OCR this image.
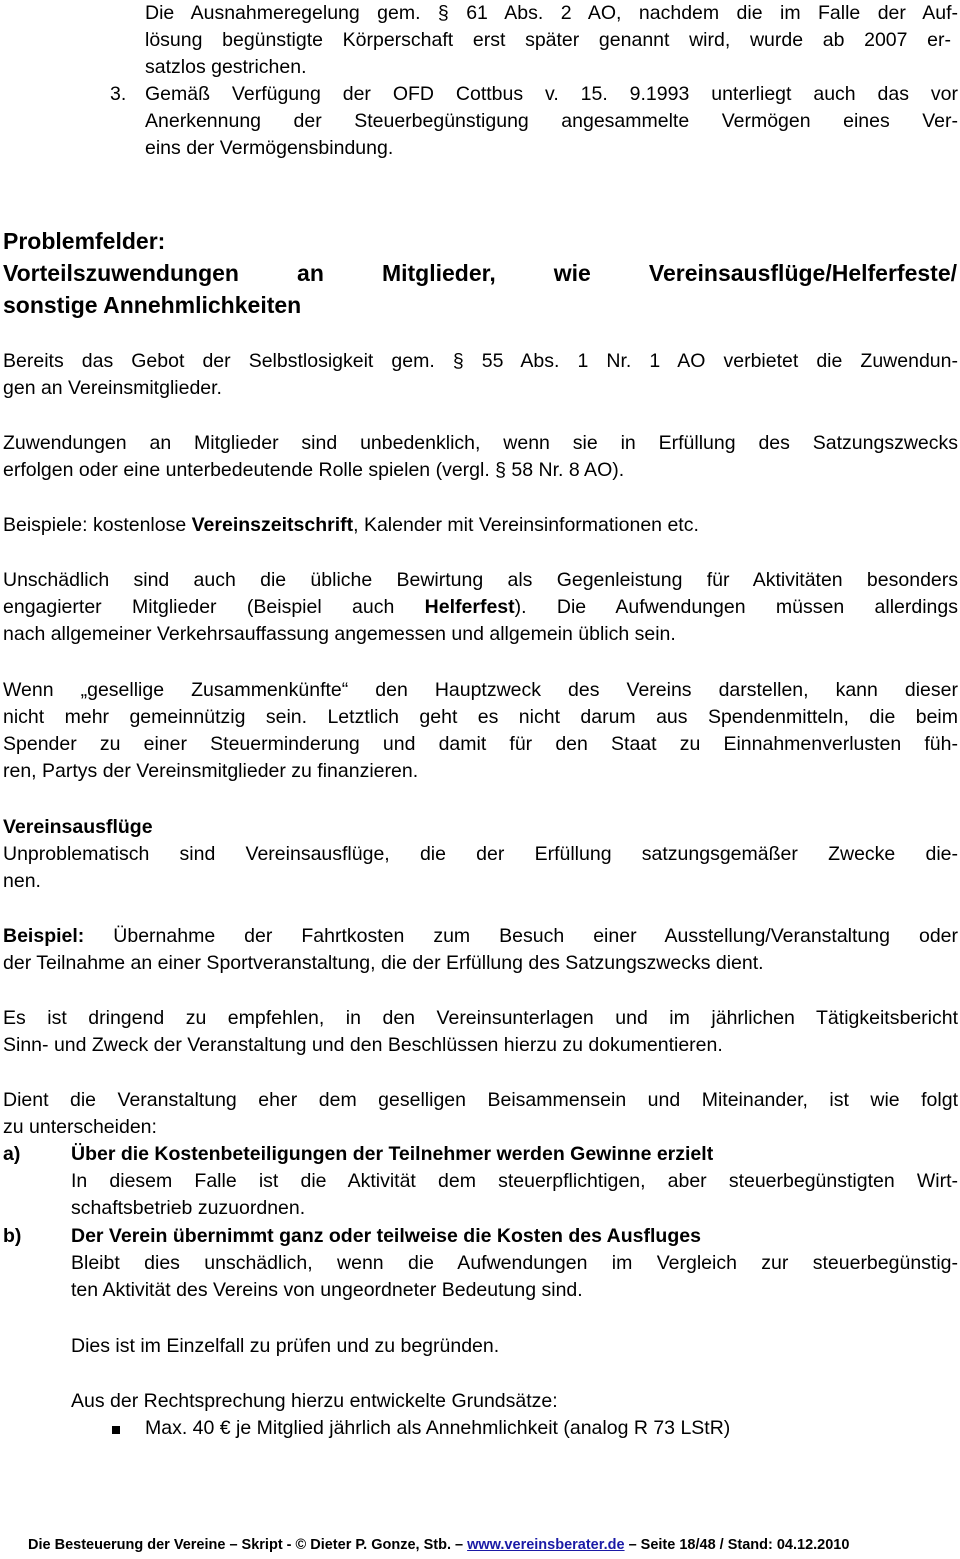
Die Ausnahmeregelung gem. § 61 Abs. 2 AO, nachdem die im Falle der Auf-
lösung begünstigte Körperschaft erst später genannt wird, wurde ab 2007 er-
satzlos gestrichen.
3. Gemäß Verfügung der OFD Cottbus v. 15. 9.1993 unterliegt auch das vor
Anerkennung der Steuerbegünstigung angesammelte Vermögen eines Ver-
eins der Vermögensbindung.
Problemfelder:
Vorteilszuwendungen an Mitglieder, wie Vereinsausflüge/Helferfeste/
sonstige Annehmlichkeiten
Bereits das Gebot der Selbstlosigkeit gem. § 55 Abs. 1 Nr. 1 AO verbietet die Zuwendun-
gen an Vereinsmitglieder.
Zuwendungen an Mitglieder sind unbedenklich, wenn sie in Erfüllung des Satzungszwecks
erfolgen oder eine unterbedeutende Rolle spielen (vergl. § 58 Nr. 8 AO).
Beispiele: kostenlose Vereinszeitschrift, Kalender mit Vereinsinformationen etc.
Unschädlich sind auch die übliche Bewirtung als Gegenleistung für Aktivitäten besonders
engagierter Mitglieder (Beispiel auch Helferfest). Die Aufwendungen müssen allerdings
nach allgemeiner Verkehrsauffassung angemessen und allgemein üblich sein.
Wenn „gesellige Zusammenkünfte“ den Hauptzweck des Vereins darstellen, kann dieser
nicht mehr gemeinnützig sein. Letztlich geht es nicht darum aus Spendenmitteln, die beim
Spender zu einer Steuerminderung und damit für den Staat zu Einnahmenverlusten füh-
ren, Partys der Vereinsmitglieder zu finanzieren.
Vereinsausflüge
Unproblematisch sind Vereinsausflüge, die der Erfüllung satzungsgemäßer Zwecke die-
nen.
Beispiel: Übernahme der Fahrtkosten zum Besuch einer Ausstellung/Veranstaltung oder
der Teilnahme an einer Sportveranstaltung, die der Erfüllung des Satzungszwecks dient.
Es ist dringend zu empfehlen, in den Vereinsunterlagen und im jährlichen Tätigkeitsbericht
Sinn- und Zweck der Veranstaltung und den Beschlüssen hierzu zu dokumentieren.
Dient die Veranstaltung eher dem geselligen Beisammensein und Miteinander, ist wie folgt
zu unterscheiden:
a)	Über die Kostenbeteiligungen der Teilnehmer werden Gewinne erzielt
In diesem Falle ist die Aktivität dem steuerpflichtigen, aber steuerbegünstigten Wirt-
schaftsbetrieb zuzuordnen.
b)	Der Verein übernimmt ganz oder teilweise die Kosten des Ausfluges
Bleibt dies unschädlich, wenn die Aufwendungen im Vergleich zur steuerbegünstig-
ten Aktivität des Vereins von ungeordneter Bedeutung sind.
Dies ist im Einzelfall zu prüfen und zu begründen.
Aus der Rechtsprechung hierzu entwickelte Grundsätze:
Max. 40 € je Mitglied jährlich als Annehmlichkeit (analog R 73 LStR)
Die Besteuerung der Vereine – Skript - © Dieter P. Gonze, Stb. – www.vereinsberater.de – Seite 18/48 / Stand: 04.12.2010
